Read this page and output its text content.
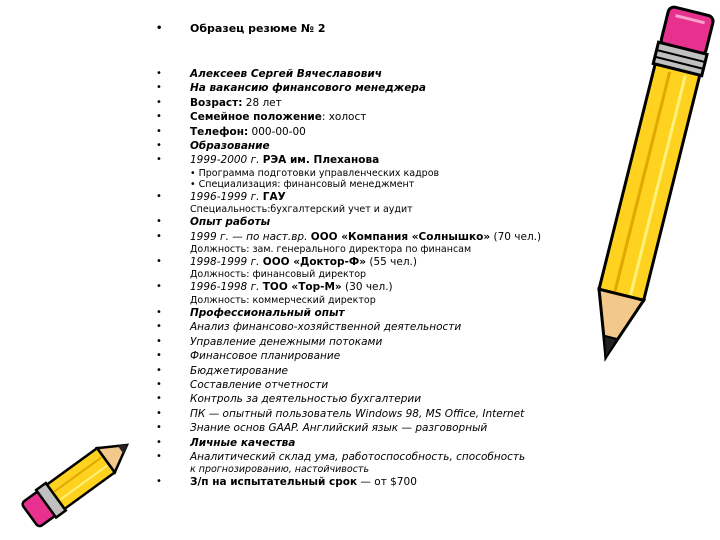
•	Образец резюме № 2
•	Алексеев Сергей Вячеславович
•	На вакансию финансового менеджера
•	Возраст: 28 лет
•	Семейное положение: холост
•	Телефон: 000-00-00
•	Образование
•	1999-2000 г. РЭА им. Плеханова
• Программа подготовки управленческих кадров
• Специализация: финансовый менеджмент
•	1996-1999 г. ГАУ
Специальность:бухгалтерский учет и аудит
•	Опыт работы
•	1999 г. — по наст.вр. ООО «Компания «Солнышко» (70 чел.)
Должность: зам. генерального директора по финансам
•	1998-1999 г. ООО «Доктор-Ф» (55 чел.)
Должность: финансовый директор
•	1996-1998 г. ТОО «Тор-М» (30 чел.)
Должность: коммерческий директор
•	Профессиональный опыт
•	Анализ финансово-хозяйственной деятельности
•	Управление денежными потоками
•	Финансовое планирование
•	Бюджетирование
•	Составление отчетности
•	Контроль за деятельностью бухгалтерии
•	ПК — опытный пользователь Windows 98, MS Office, Internet
•	Знание основ GAAP. Английский язык — разговорный
•	Личные качества
•	Аналитический склад ума, работоспособность, способность
к прогнозированию, настойчивость
•	З/п на испытательный срок — от $700
